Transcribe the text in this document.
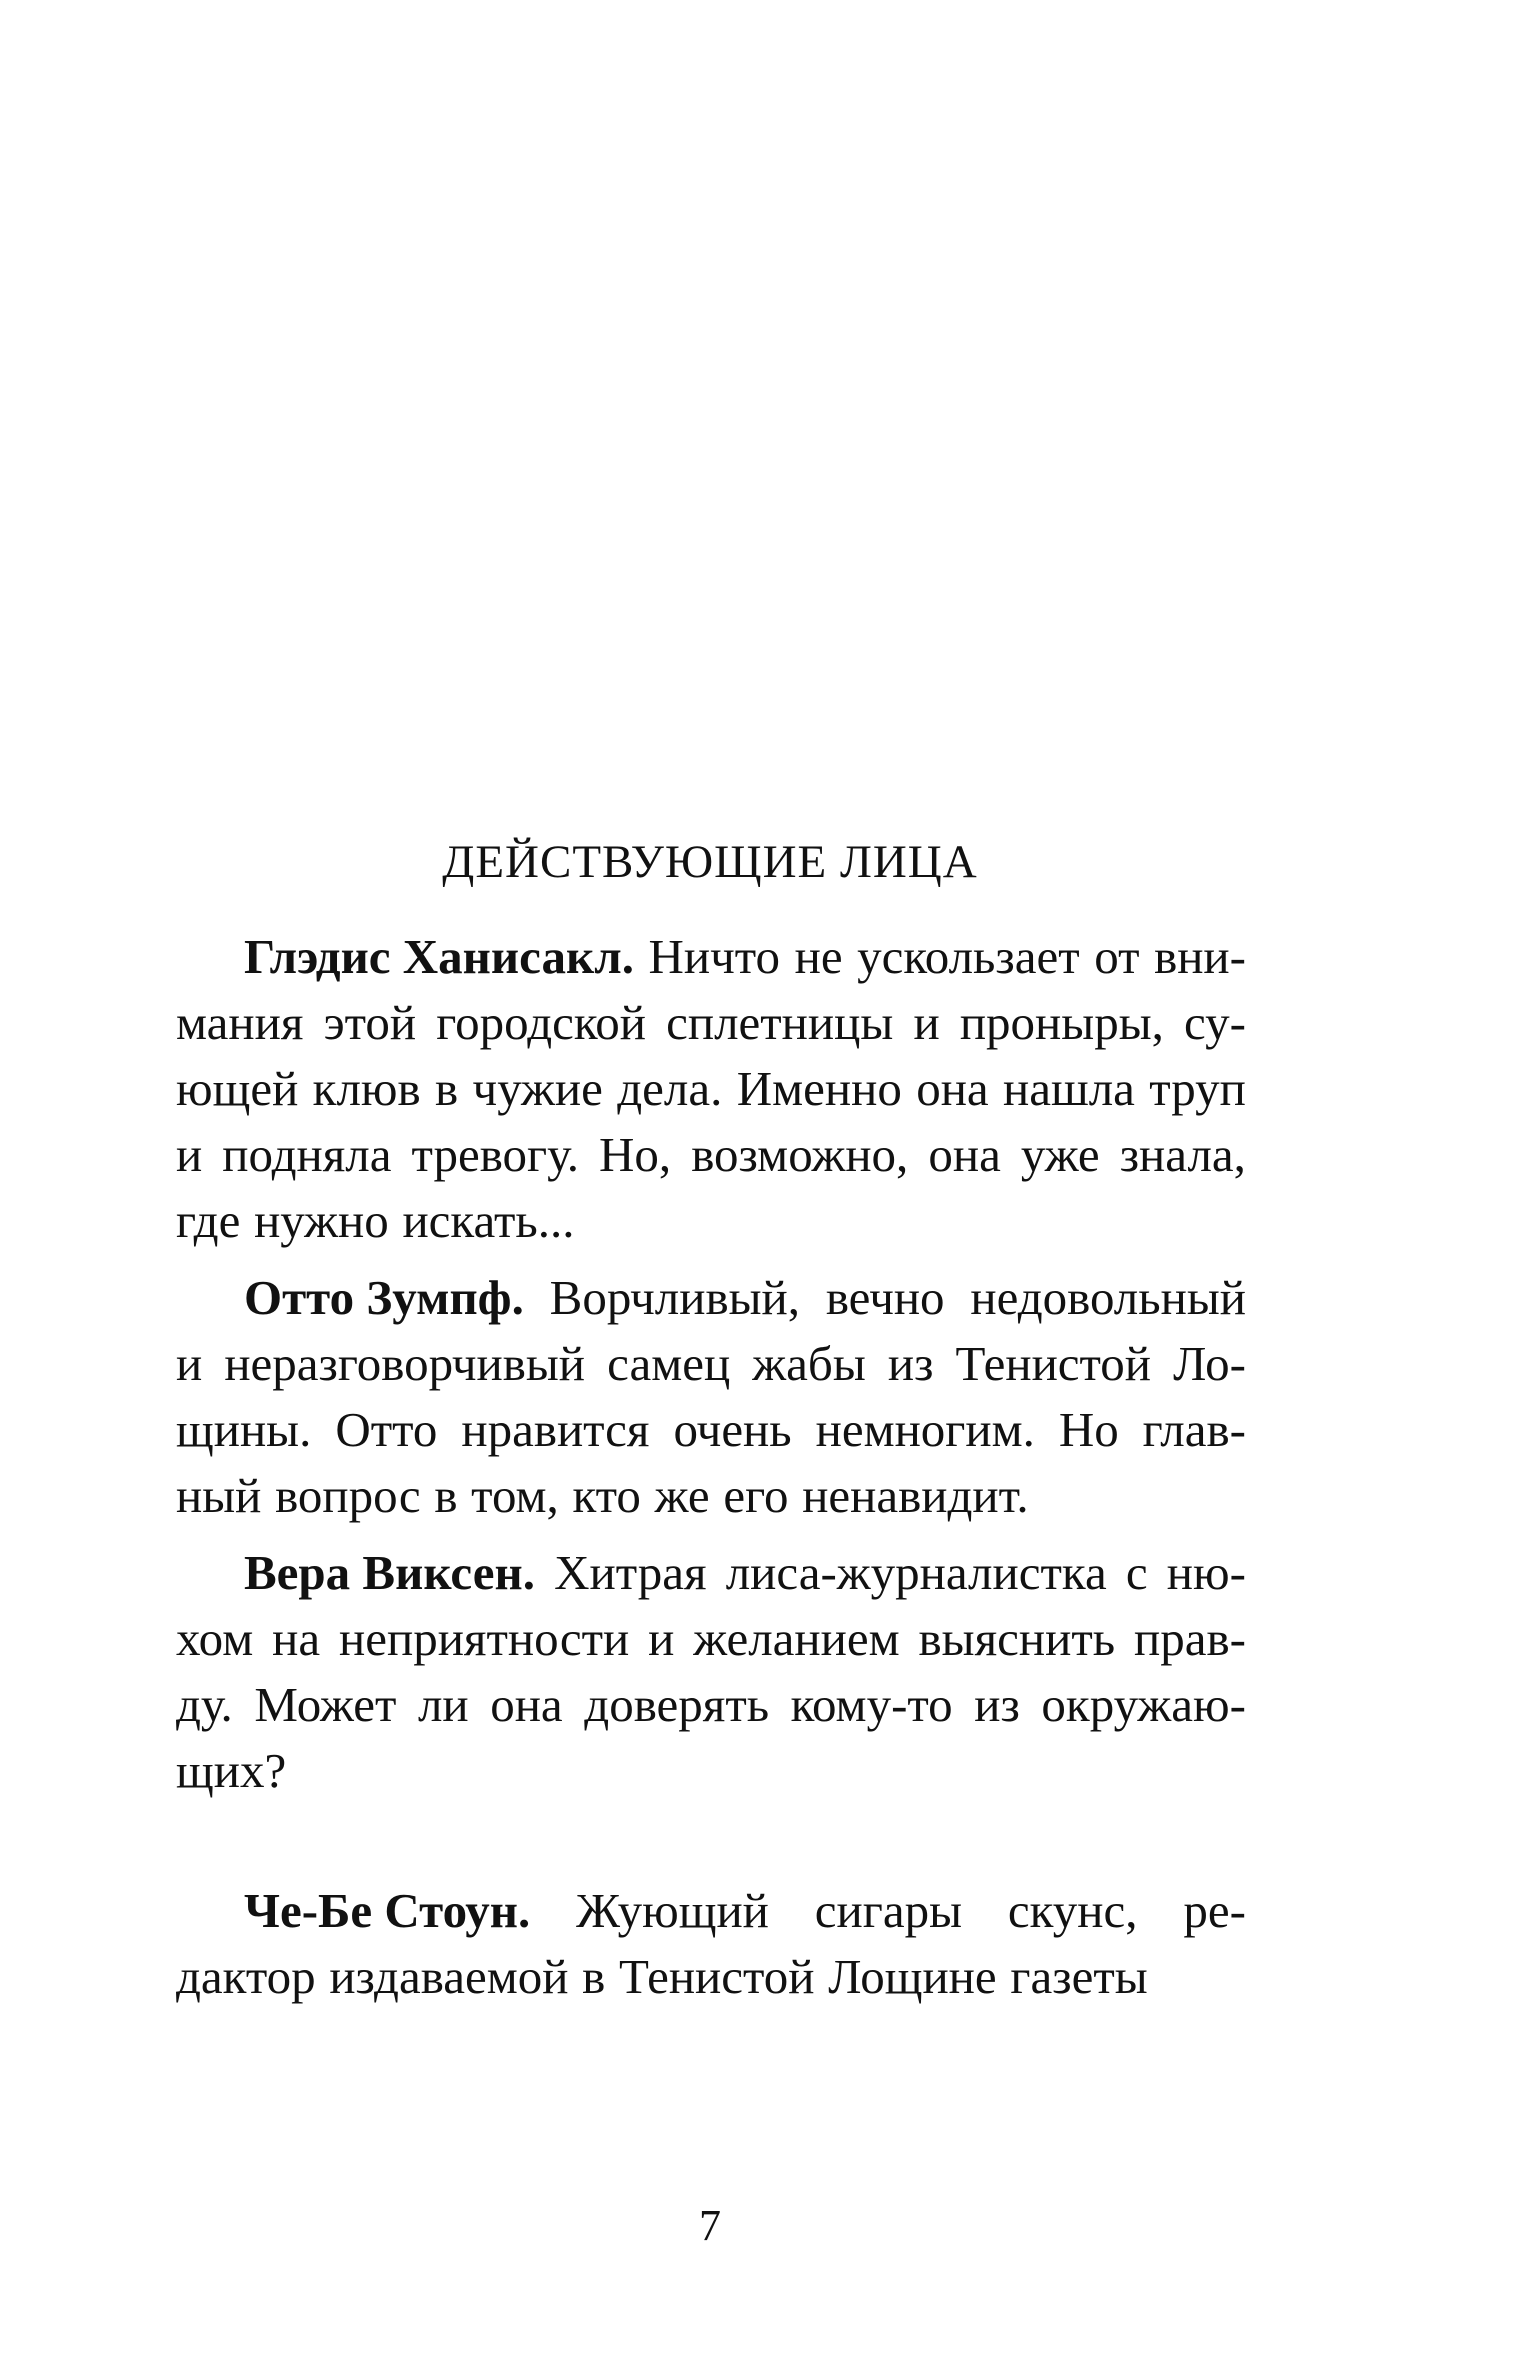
ДЕЙСТВУЮЩИЕ ЛИЦА
Глэдис Ханисакл. Ничто не ускользает от вни-
мания этой городской сплетницы и проныры, су-
ющей клюв в чужие дела. Именно она нашла труп
и подняла тревогу. Но, возможно, она уже знала,
где нужно искать...
Отто Зумпф. Ворчливый, вечно недовольный
и неразговорчивый самец жабы из Тенистой Ло-
щины. Отто нравится очень немногим. Но глав-
ный вопрос в том, кто же его ненавидит.
Вера Виксен. Хитрая лиса-журналистка с ню-
хом на неприятности и желанием выяснить прав-
ду. Может ли она доверять кому-то из окружаю-
щих?
Че-Бе Стоун. Жующий сигары скунс, ре-
дактор издаваемой в Тенистой Лощине газеты
7
